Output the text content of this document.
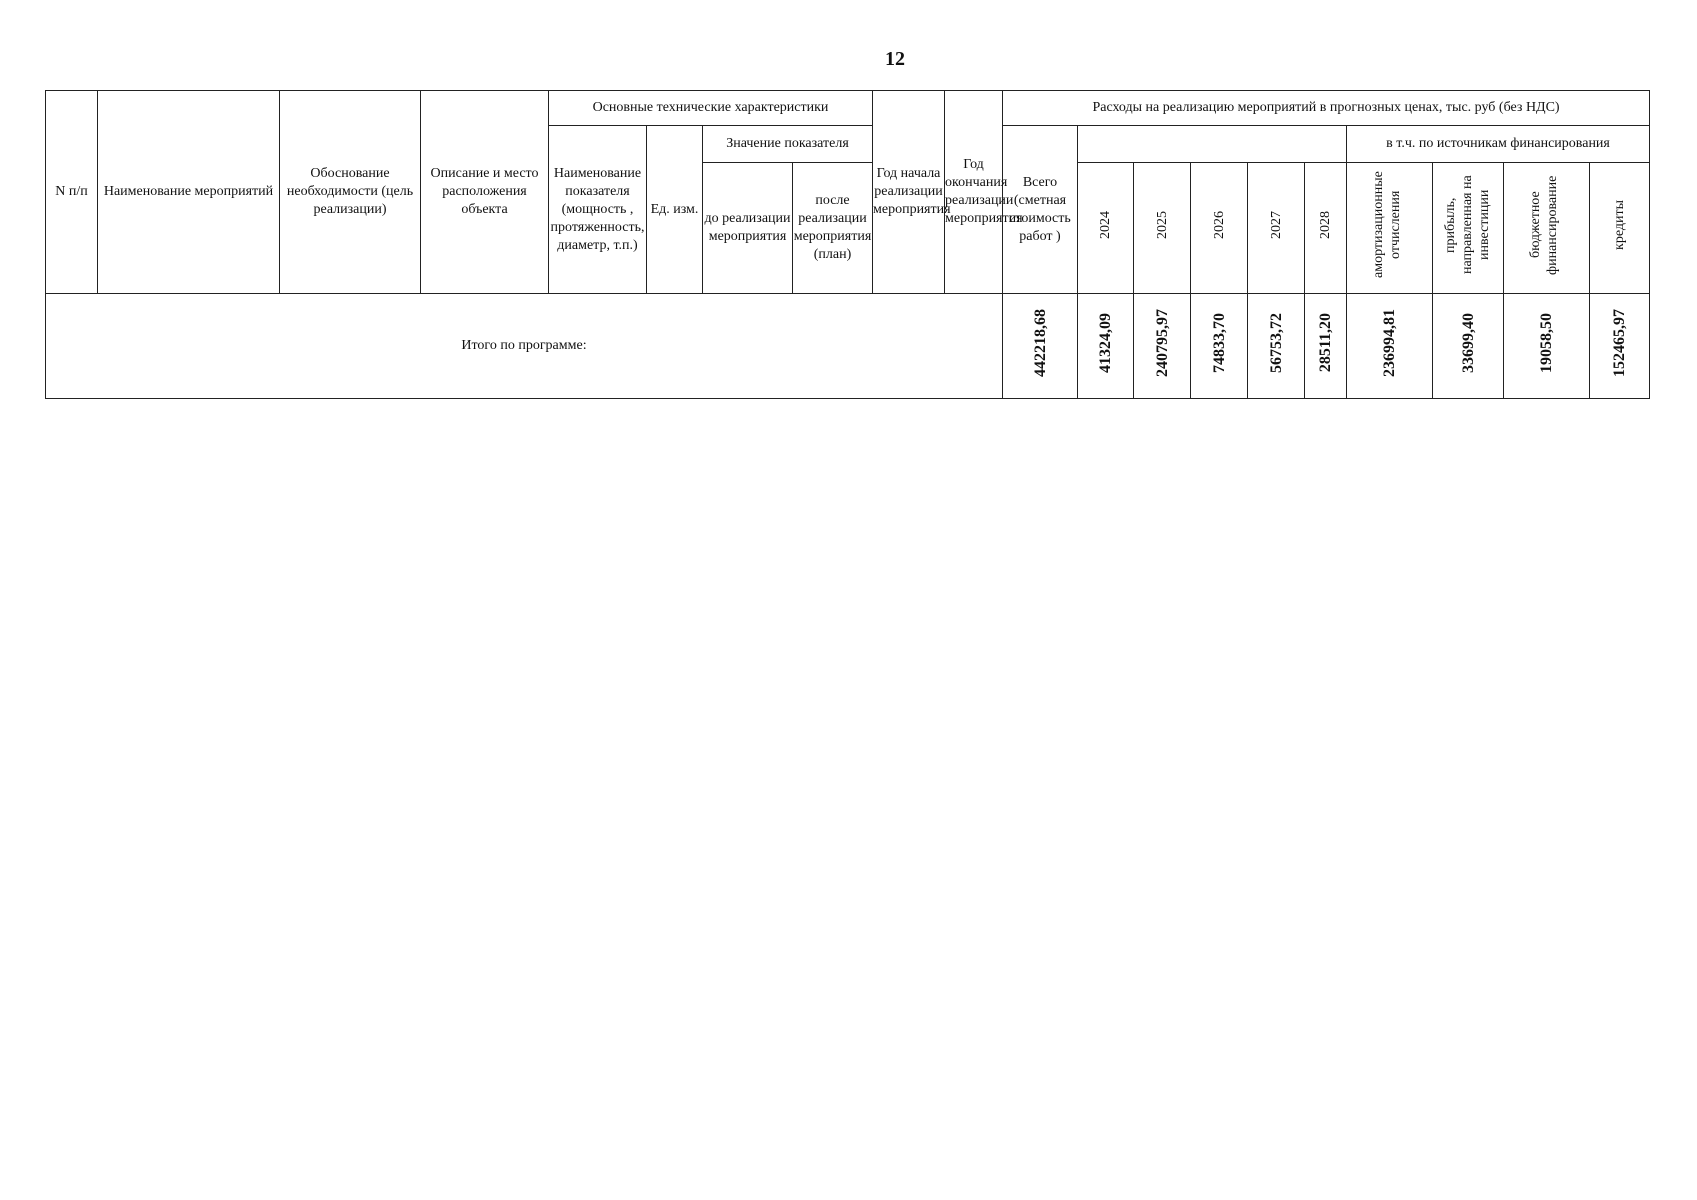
12
N п/п	Наименование мероприятий	Обоснование необходимости (цель реализации)	Описание и место расположения объекта	Основные технические характеристики				Год начала реализации мероприятия	Год окончания реализации мероприятия	Расходы на реализацию мероприятий в прогнозных ценах, тыс. руб (без НДС)									
				Наименование показателя (мощность , протяженность, диаметр, т.п.)	Ед. изм.	Значение показателя				Всего (сметная стоимость работ )						в т.ч. по источникам финансирования			
						до реализации мероприятия	после реализации мероприятия (план)				2024	2025	2026	2027	2028	амортизационные отчисления	прибыль, направленная на инвестиции	бюджетное финансирование	кредиты
Итого по программе:										442218,68	41324,09	240795,97	74833,70	56753,72	28511,20	236994,81	33699,40	19058,50	152465,97
